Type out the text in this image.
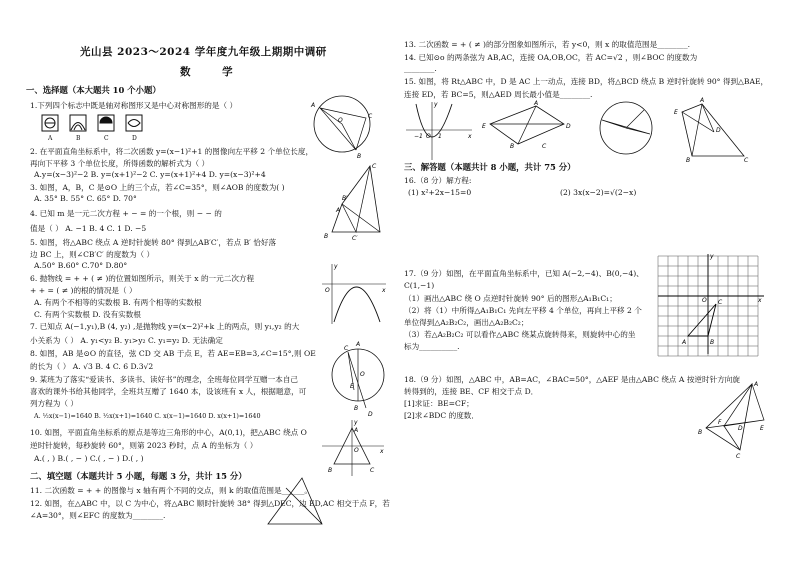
光山县 2023～2024 学年度九年级上期期中调研
数 学
一、选择题（本大题共 10 个小题）
1.下列四个标志中既是轴对称图形又是中心对称图形的是（ ）
A	B	C	D
2. 在平面直角坐标系中，将二次函数 y=(x−1)²+1 的图像向左平移 2 个单位长度，
再向下平移 3 个单位长度，所得函数的解析式为（ ）
A.y=(x−3)²−2 B. y=(x+1)²−2 C. y=(x+1)²+4 D. y=(x−3)²+4
3. 如图，A，B，C 是⊙O 上的三个点，若∠C=35°，则∠AOB 的度数为( )
A. 35° B. 55° C. 65° D. 70°
4. 已知 m 是一元二次方程 + − = 的一个根，则 − − 的
值是（ ） A. −1 B. 4 C. 1 D. −5
5. 如图，将△ABC 绕点 A 逆时针旋转 80° 得到△AB′C′，若点 B′ 恰好落
边 BC 上，则∠CB′C′ 的度数为（ ）
A.50° B.60° C.70° D.80°
6. 抛物线 = + + ( ≠ )的位置如图所示，则关于 x 的一元二次方程
+ + = ( ≠ )的根的情况是（ ）
A. 有两个不相等的实数根 B. 有两个相等的实数根
C. 有两个实数根 D. 没有实数根
7. 已知点 A(−1,y₁),B (4, y₂) ,是抛物线 y=(x−2)²+k 上的两点，则 y₁,y₂ 的大
小关系为（ ） A. y₁<y₂ B. y₁>y₂ C. y₁=y₂ D. 无法确定
8. 如图，AB 是⊙O 的直径，弦 CD 交 AB 于点 E，若 AE=EB=3,∠C=15°,则 OE
的长为（ ） A. √3 B. 4 C. 6 D.3√2
9. 某班为了落实“爱读书、多读书、读好书”的理念，全班每位同学互赠一本自己
喜欢的课外书给其他同学，全班共互赠了 1640 本，设该班有 x 人，根据题意，可
列方程为（ ）
A. ½x(x−1)=1640 B. ½x(x+1)=1640 C. x(x−1)=1640 D. x(x+1)=1640
10. 如图，平面直角坐标系的原点是等边三角形的中心，A(0,1)，把△ABC 绕点 O
逆时针旋转，每秒旋转 60°，则第 2023 秒时，点 A 的坐标为（ ）
A.( , ) B.( , − ) C.( , − ) D.( , )
二、填空题（本题共计 5 小题，每题 3 分，共计 15 分）
11. 二次函数 = + + 的图像与 x 轴有两个不同的交点，则 k 的取值范围是______。
12. 如图，在△ABC 中，以 C 为中心，将△ABC 顺时针旋转 38° 得到△DEC，边 ED,AC 相交于点 F，若
∠A=30°，则∠EFC 的度数为________.
A
B
C
O
C
B′
A
C′
B
y
O	x
C
A
O
E
B
D
y
A
O	x
B	C
13. 二次函数 = + ( ≠ )的部分图象如图所示，若 y<0，则 x 的取值范围是________.
14. 已知⊙o 的两条弦为 AB,AC，连接 OA,OB,OC，若 AC=√2 ，则∠BOC 的度数为
________.
15. 如图，将 Rt△ABC 中，D 是 AC 上一动点，连接 BD，将△BCD 绕点 B 逆时针旋转 90° 得到△BAE，
连接 ED，若 BC=5，则△AED 周长最小值是________.
三、解答题（本题共计 8 小题，共计 75 分）
16.（8 分）解方程:
(1) x²+2x−15=0	(2) 3x(x−2)=√(2−x)
17.（9 分）如图，在平面直角坐标系中，已知 A(−2,−4)、B(0,−4)、
C(1,−1)
（1）画出△ABC 绕 O 点逆时针旋转 90° 后的图形△A₁B₁C₁；
（2）将（1）中所得△A₁B₁C₁ 先向左平移 4 个单位，再向上平移 2 个
单位得到△A₂B₂C₂，画出△A₂B₂C₂；
（3）若△A₂B₂C₂ 可以看作△ABC 绕某点旋转得来，则旋转中心的坐
标为__________.
18.（9 分）如图，△ABC 中，AB=AC，∠BAC=50°，△AEF 是由△ABC 绕点 A 按逆时针方向旋
转得到的，连接 BE、CF 相交于点 D．
[1]求证：BE=CF；
[2]求∠BDC 的度数．
y
O 1	x
−1
E
A
D
B	C
E
A
D
B	C
y
O	x
C
B
A
A
E
F
D
B
C
